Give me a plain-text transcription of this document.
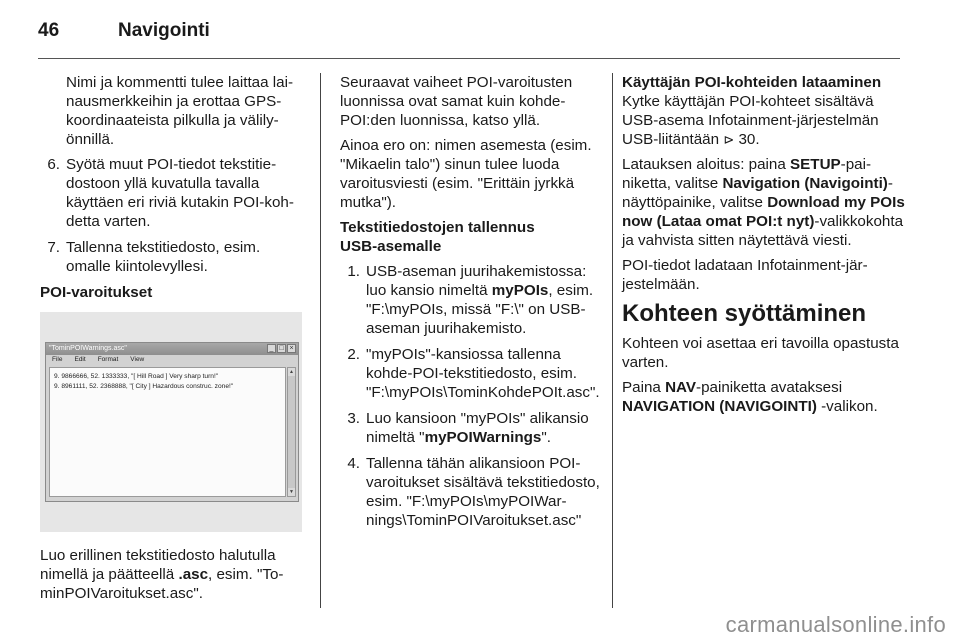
46	Navigointi

Nimi ja kommentti tulee laittaa lainausmerkkeihin ja erottaa GPS-koordinaateista pilkulla ja välilyönnillä.

6. Syötä muut POI-tiedot tekstitiedostoon yllä kuvatulla tavalla käyttäen eri riviä kutakin POI-kohdetta varten.
7. Tallenna tekstitiedosto, esim. omalle kiintolevyllesi.

POI-varoitukset

"TominPOIWarnings.asc"	_ □ ×
File Edit Format View
9. 9866666, 52. 1333333, "[ Hill Road ] Very sharp turn!"
9. 8961111, 52. 2368888, "[ City ] Hazardous construc. zone!"
▲
▼

Luo erillinen tekstitiedosto halutulla nimellä ja päätteellä .asc, esim. "TominPOIVaroitukset.asc".

Seuraavat vaiheet POI-varoitusten luonnissa ovat samat kuin kohde-POI:den luonnissa, katso yllä.

Ainoa ero on: nimen asemesta (esim. "Mikaelin talo") sinun tulee luoda varoitusviesti (esim. "Erittäin jyrkkä mutka").

Tekstitiedostojen tallennus
USB-asemalle

1. USB-aseman juurihakemistossa: luo kansio nimeltä myPOIs, esim. "F:\myPOIs, missä "F:\" on USB-aseman juurihakemisto.
2. "myPOIs"-kansiossa tallenna kohde-POI-tekstitiedosto, esim. "F:\myPOIs\TominKohdePOIt.asc".
3. Luo kansioon "myPOIs" alikansio nimeltä "myPOIWarnings".
4. Tallenna tähän alikansioon POI-varoitukset sisältävä tekstitiedosto, esim. "F:\myPOIs\myPOIWarnings\TominPOIVaroitukset.asc"

Käyttäjän POI-kohteiden lataaminen

Kytke käyttäjän POI-kohteet sisältävä USB-asema Infotainment-järjestelmän USB-liitäntään ⊳ 30.

Latauksen aloitus: paina SETUP-painiketta, valitse Navigation (Navigointi)-näyttöpainike, valitse Download my POIs now (Lataa omat POI:t nyt)-valikkokohta ja vahvista sitten näytettävä viesti.

POI-tiedot ladataan Infotainment-järjestelmään.

Kohteen syöttäminen

Kohteen voi asettaa eri tavoilla opastusta varten.

Paina NAV-painiketta avataksesi NAVIGATION (NAVIGOINTI) -valikon.

carmanualsonline.info
